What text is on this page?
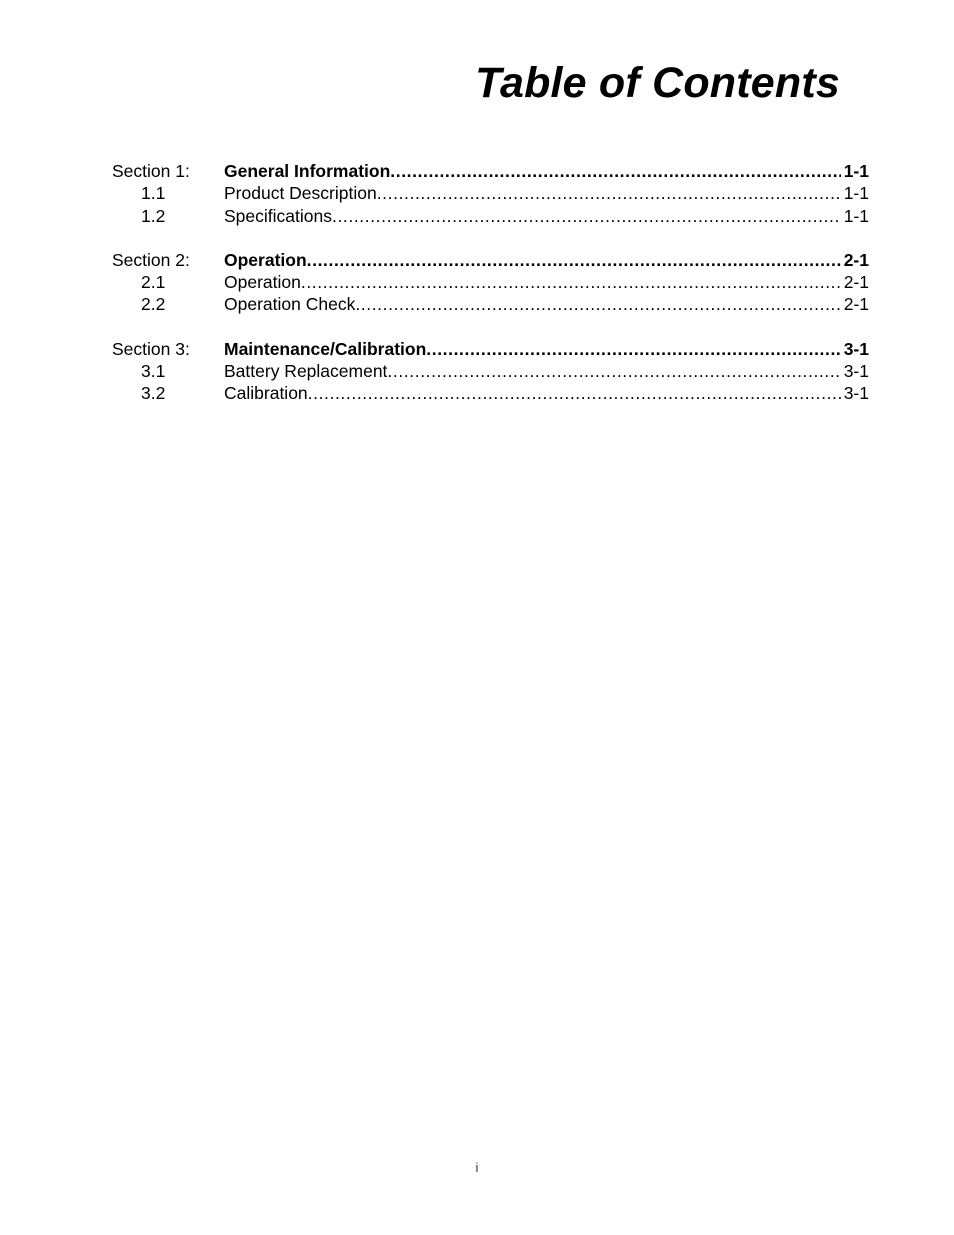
Table of Contents
Section 1:	General Information .....	1-1
1.1	Product Description .....	1-1
1.2	Specifications .....	1-1
Section 2:	Operation .....	2-1
2.1	Operation .....	2-1
2.2	Operation Check .....	2-1
Section 3:	Maintenance/Calibration .....	3-1
3.1	Battery Replacement .....	3-1
3.2	Calibration .....	3-1
i
